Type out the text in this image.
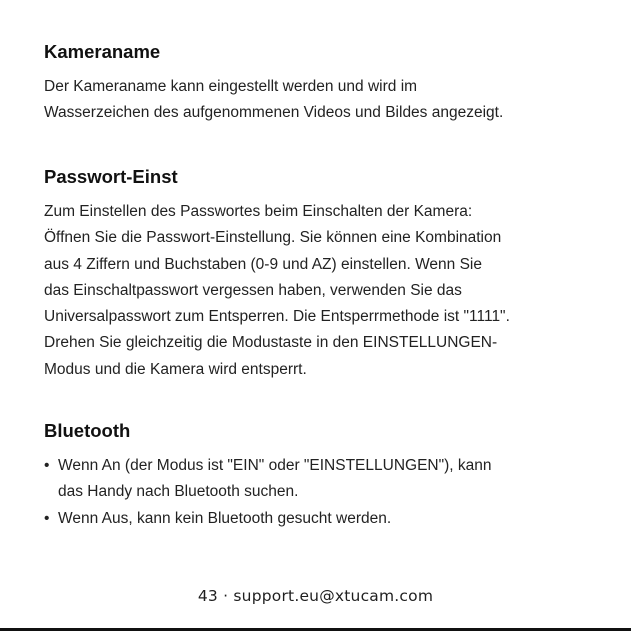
Kameraname

Der Kameraname kann eingestellt werden und wird im
Wasserzeichen des aufgenommenen Videos und Bildes angezeigt.

Passwort-Einst

Zum Einstellen des Passwortes beim Einschalten der Kamera:
Öffnen Sie die Passwort-Einstellung. Sie können eine Kombination
aus 4 Ziffern und Buchstaben (0-9 und AZ) einstellen. Wenn Sie
das Einschaltpasswort vergessen haben, verwenden Sie das
Universalpasswort zum Entsperren. Die Entsperrmethode ist "1111".
Drehen Sie gleichzeitig die Modustaste in den EINSTELLUNGEN-
Modus und die Kamera wird entsperrt.

Bluetooth
• Wenn An (der Modus ist "EIN" oder "EINSTELLUNGEN"), kann
das Handy nach Bluetooth suchen.
• Wenn Aus, kann kein Bluetooth gesucht werden.
43 · support.eu@xtucam.com
